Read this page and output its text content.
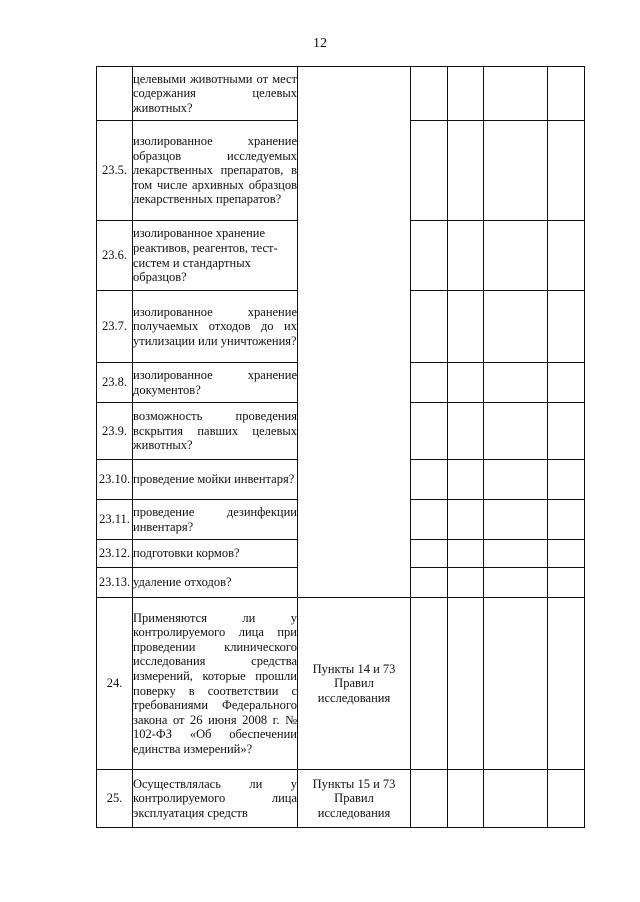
12
	целевыми животными от мест содержания целевых животных?					
23.5.	изолированное хранение образцов исследуемых лекарственных препаратов, в том числе архивных образцов лекарственных препаратов?					
23.6.	изолированное хранение реактивов, реагентов, тест-систем и стандартных образцов?					
23.7.	изолированное хранение получаемых отходов до их утилизации или уничтожения?					
23.8.	изолированное хранение документов?					
23.9.	возможность проведения вскрытия павших целевых животных?					
23.10.	проведение мойки инвентаря?					
23.11.	проведение дезинфекции инвентаря?					
23.12.	подготовки кормов?					
23.13.	удаление отходов?					
24.	Применяются ли у контролируемого лица при проведении клинического исследования средства измерений, которые прошли поверку в соответствии с требованиями Федерального закона от 26 июня 2008 г. № 102-ФЗ «Об обеспечении единства измерений»?	Пункты 14 и 73 Правил исследования				
25.	Осуществлялась ли у контролируемого лица эксплуатация средств	Пункты 15 и 73 Правил исследования				
